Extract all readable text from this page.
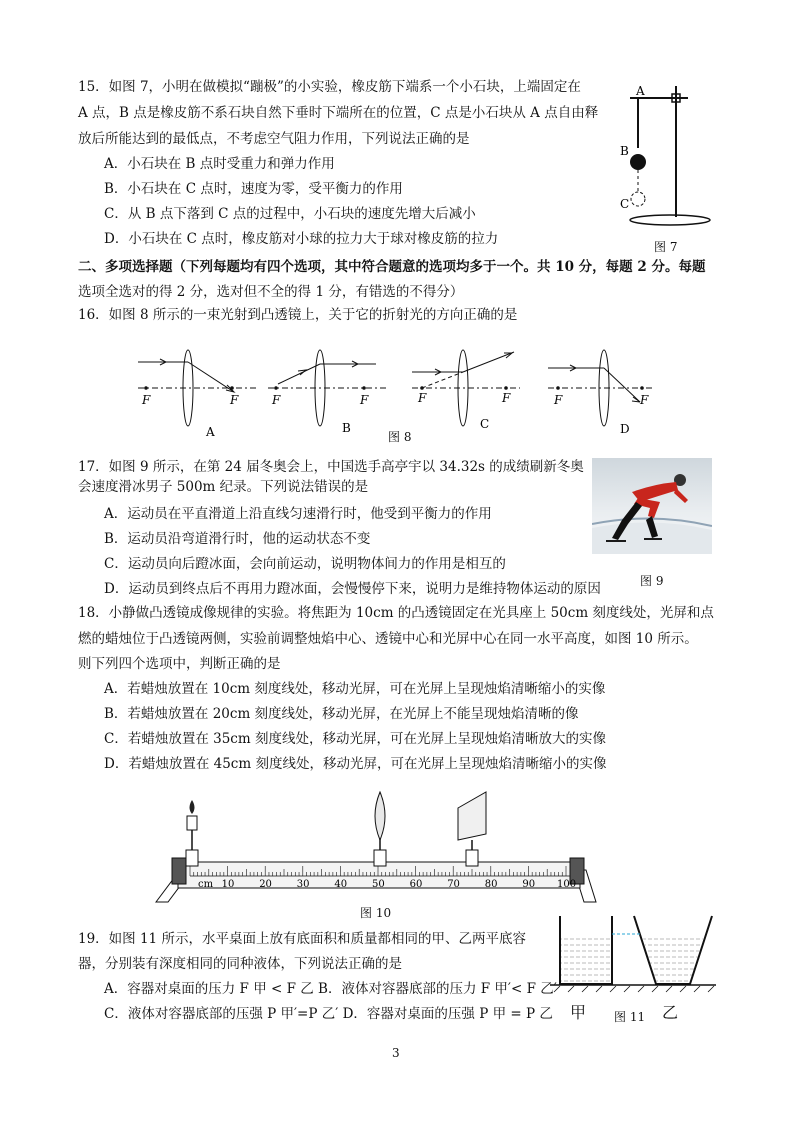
15．如图 7，小明在做模拟“蹦极”的小实验，橡皮筋下端系一个小石块，上端固定在
A 点，B 点是橡皮筋不系石块自然下垂时下端所在的位置，C 点是小石块从 A 点自由释
放后所能达到的最低点，不考虑空气阻力作用，下列说法正确的是
A．小石块在 B 点时受重力和弹力作用
B．小石块在 C 点时，速度为零，受平衡力的作用
C．从 B 点下落到 C 点的过程中，小石块的速度先增大后减小
D．小石块在 C 点时，橡皮筋对小球的拉力大于球对橡皮筋的拉力
A
B
C
图 7
二、多项选择题（下列每题均有四个选项，其中符合题意的选项均多于一个。共 10 分，每题 2 分。每题
选项全选对的得 2 分，选对但不全的得 1 分，有错选的不得分）
16．如图 8 所示的一束光射到凸透镜上，关于它的折射光的方向正确的是
F	F	F	F	F	F	F	F
A	B	C	D
图 8
17．如图 9 所示，在第 24 届冬奥会上，中国选手高亭宇以 34.32s 的成绩刷新冬奥
会速度滑冰男子 500m 纪录。下列说法错误的是
A．运动员在平直滑道上沿直线匀速滑行时，他受到平衡力的作用
B．运动员沿弯道滑行时，他的运动状态不变
C．运动员向后蹬冰面，会向前运动，说明物体间力的作用是相互的
D．运动员到终点后不再用力蹬冰面，会慢慢停下来，说明力是维持物体运动的原因	图 9
18．小静做凸透镜成像规律的实验。将焦距为 10cm 的凸透镜固定在光具座上 50cm 刻度线处，光屏和点
燃的蜡烛位于凸透镜两侧，实验前调整烛焰中心、透镜中心和光屏中心在同一水平高度，如图 10 所示。
则下列四个选项中，判断正确的是
A．若蜡烛放置在 10cm 刻度线处，移动光屏，可在光屏上呈现烛焰清晰缩小的实像
B．若蜡烛放置在 20cm 刻度线处，移动光屏，在光屏上不能呈现烛焰清晰的像
C．若蜡烛放置在 35cm 刻度线处，移动光屏，可在光屏上呈现烛焰清晰放大的实像
D．若蜡烛放置在 45cm 刻度线处，移动光屏，可在光屏上呈现烛焰清晰缩小的实像
10 20 30 40 50 60 70 80 90 100
cm
图 10
19．如图 11 所示，水平桌面上放有底面积和质量都相同的甲、乙两平底容
器，分别装有深度相同的同种液体，下列说法正确的是
A．容器对桌面的压力 F 甲 < F 乙 B．液体对容器底部的压力 F 甲′< F 乙′
C．液体对容器底部的压强 P 甲′=P 乙′ D．容器对桌面的压强 P 甲 = P 乙 甲	乙
图 11
3
